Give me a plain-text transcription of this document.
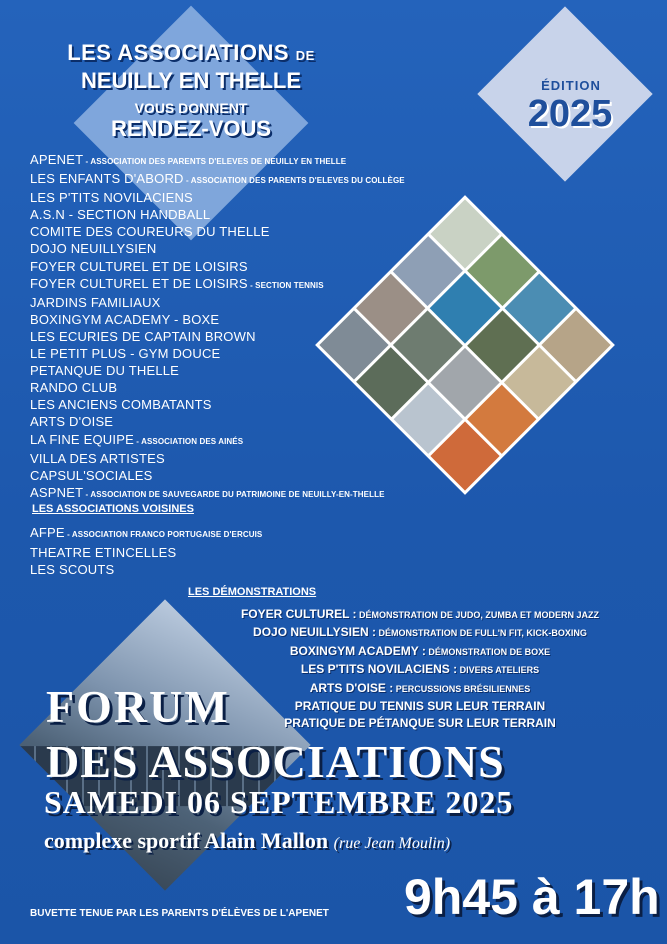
LES ASSOCIATIONS DE
NEUILLY EN THELLE
VOUS DONNENT
RENDEZ-VOUS
ÉDITION
2025
APENET - ASSOCIATION DES PARENTS D'ELEVES DE NEUILLY EN THELLE
LES ENFANTS D'ABORD - ASSOCIATION DES PARENTS D'ELEVES DU COLLÈGE
LES P'TITS NOVILACIENS
A.S.N - SECTION HANDBALL
COMITE DES COUREURS DU THELLE
DOJO NEUILLYSIEN
FOYER CULTUREL ET DE LOISIRS
FOYER CULTUREL ET DE LOISIRS - SECTION TENNIS
JARDINS FAMILIAUX
BOXINGYM ACADEMY - BOXE
LES ECURIES DE CAPTAIN BROWN
LE PETIT PLUS - GYM DOUCE
PETANQUE DU THELLE
RANDO CLUB
LES ANCIENS COMBATANTS
ARTS D'OISE
LA FINE EQUIPE - ASSOCIATION DES AINÉS
VILLA DES ARTISTES
CAPSUL'SOCIALES
ASPNET - ASSOCIATION DE SAUVEGARDE DU PATRIMOINE DE NEUILLY-EN-THELLE
LES ASSOCIATIONS VOISINES
AFPE - ASSOCIATION FRANCO PORTUGAISE D'ERCUIS
THEATRE ETINCELLES
LES SCOUTS
LES DÉMONSTRATIONS
FOYER CULTUREL : DÉMONSTRATION DE JUDO, ZUMBA ET MODERN JAZZ
DOJO NEUILLYSIEN : DÉMONSTRATION DE FULL'N FIT, KICK-BOXING
BOXINGYM ACADEMY : DÉMONSTRATION DE BOXE
LES P'TITS NOVILACIENS : DIVERS ATELIERS
ARTS D'OISE : PERCUSSIONS BRÉSILIENNES
PRATIQUE DU TENNIS SUR LEUR TERRAIN
PRATIQUE DE PÉTANQUE SUR LEUR TERRAIN
FORUM
DES ASSOCIATIONS
SAMEDI 06 SEPTEMBRE 2025
complexe sportif Alain Mallon (rue Jean Moulin)
BUVETTE TENUE PAR LES PARENTS D'ÉLÈVES DE L'APENET 9h45 à 17h
